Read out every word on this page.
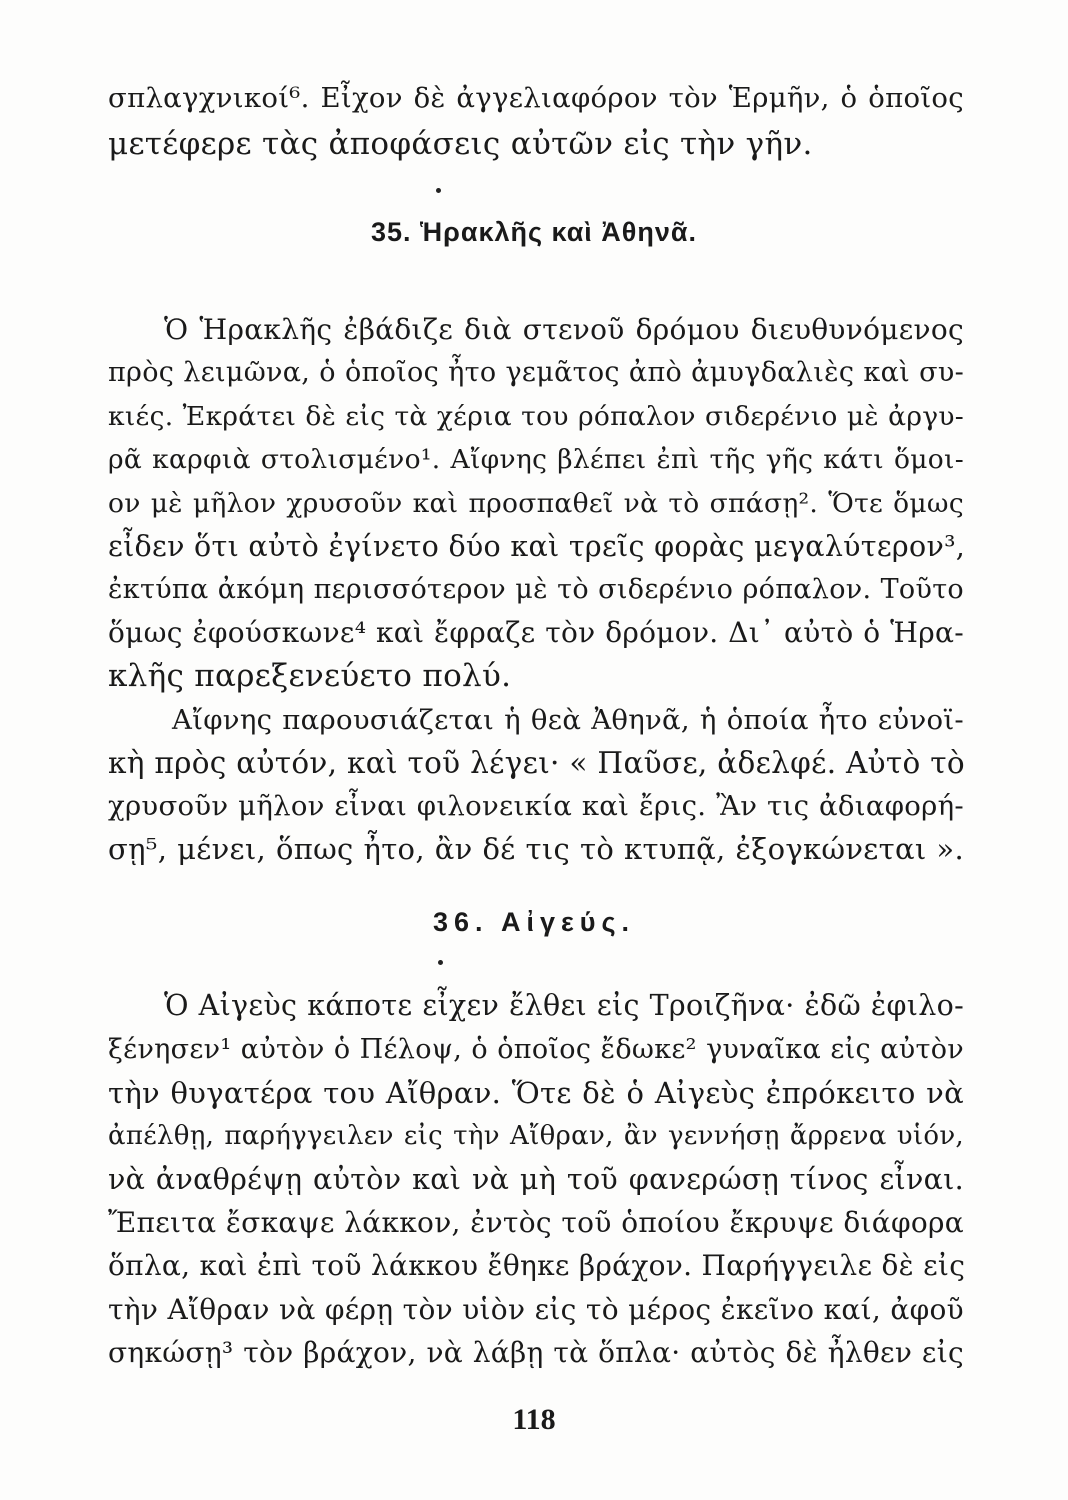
σπλαγχνικοί⁶. Εἶχον δὲ ἀγγελιαφόρον τὸν Ἑρμῆν, ὁ ὁποῖος
μετέφερε τὰς ἀποφάσεις αὐτῶν εἰς τὴν γῆν.
35. Ἡρακλῆς καὶ Ἀθηνᾶ.
Ὁ Ἡρακλῆς ἐβάδιζε διὰ στενοῦ δρόμου διευθυνόμενος
πρὸς λειμῶνα, ὁ ὁποῖος ἦτο γεμᾶτος ἀπὸ ἀμυγδαλιὲς καὶ συ-
κιές. Ἐκράτει δὲ εἰς τὰ χέρια του ρόπαλον σιδερένιο μὲ ἀργυ-
ρᾶ καρφιὰ στολισμένο¹. Αἴφνης βλέπει ἐπὶ τῆς γῆς κάτι ὅμοι-
ον μὲ μῆλον χρυσοῦν καὶ προσπαθεῖ νὰ τὸ σπάσῃ². Ὅτε ὅμως
εἶδεν ὅτι αὐτὸ ἐγίνετο δύο καὶ τρεῖς φορὰς μεγαλύτερον³,
ἐκτύπα ἀκόμη περισσότερον μὲ τὸ σιδερένιο ρόπαλον. Τοῦτο
ὅμως ἐφούσκωνε⁴ καὶ ἔφραζε τὸν δρόμον. Δι᾽ αὐτὸ ὁ Ἡρα-
κλῆς παρεξενεύετο πολύ.
Αἴφνης παρουσιάζεται ἡ θεὰ Ἀθηνᾶ, ἡ ὁποία ἦτο εὐνοϊ-
κὴ πρὸς αὐτόν, καὶ τοῦ λέγει· « Παῦσε, ἀδελφέ. Αὐτὸ τὸ
χρυσοῦν μῆλον εἶναι φιλονεικία καὶ ἔρις. Ἂν τις ἀδιαφορή-
σῃ⁵, μένει, ὅπως ἦτο, ἂν δέ τις τὸ κτυπᾷ, ἐξογκώνεται ».
36. Αἰγεύς.
Ὁ Αἰγεὺς κάποτε εἶχεν ἔλθει εἰς Τροιζῆνα· ἐδῶ ἐφιλο-
ξένησεν¹ αὐτὸν ὁ Πέλοψ, ὁ ὁποῖος ἔδωκε² γυναῖκα εἰς αὐτὸν
τὴν θυγατέρα του Αἴθραν. Ὅτε δὲ ὁ Αἰγεὺς ἐπρόκειτο νὰ
ἀπέλθῃ, παρήγγειλεν εἰς τὴν Αἴθραν, ἂν γεννήσῃ ἄρρενα υἱόν,
νὰ ἀναθρέψῃ αὐτὸν καὶ νὰ μὴ τοῦ φανερώσῃ τίνος εἶναι.
Ἔπειτα ἔσκαψε λάκκον, ἐντὸς τοῦ ὁποίου ἔκρυψε διάφορα
ὅπλα, καὶ ἐπὶ τοῦ λάκκου ἔθηκε βράχον. Παρήγγειλε δὲ εἰς
τὴν Αἴθραν νὰ φέρῃ τὸν υἱὸν εἰς τὸ μέρος ἐκεῖνο καί, ἀφοῦ
σηκώσῃ³ τὸν βράχον, νὰ λάβῃ τὰ ὅπλα· αὐτὸς δὲ ἦλθεν εἰς
118
